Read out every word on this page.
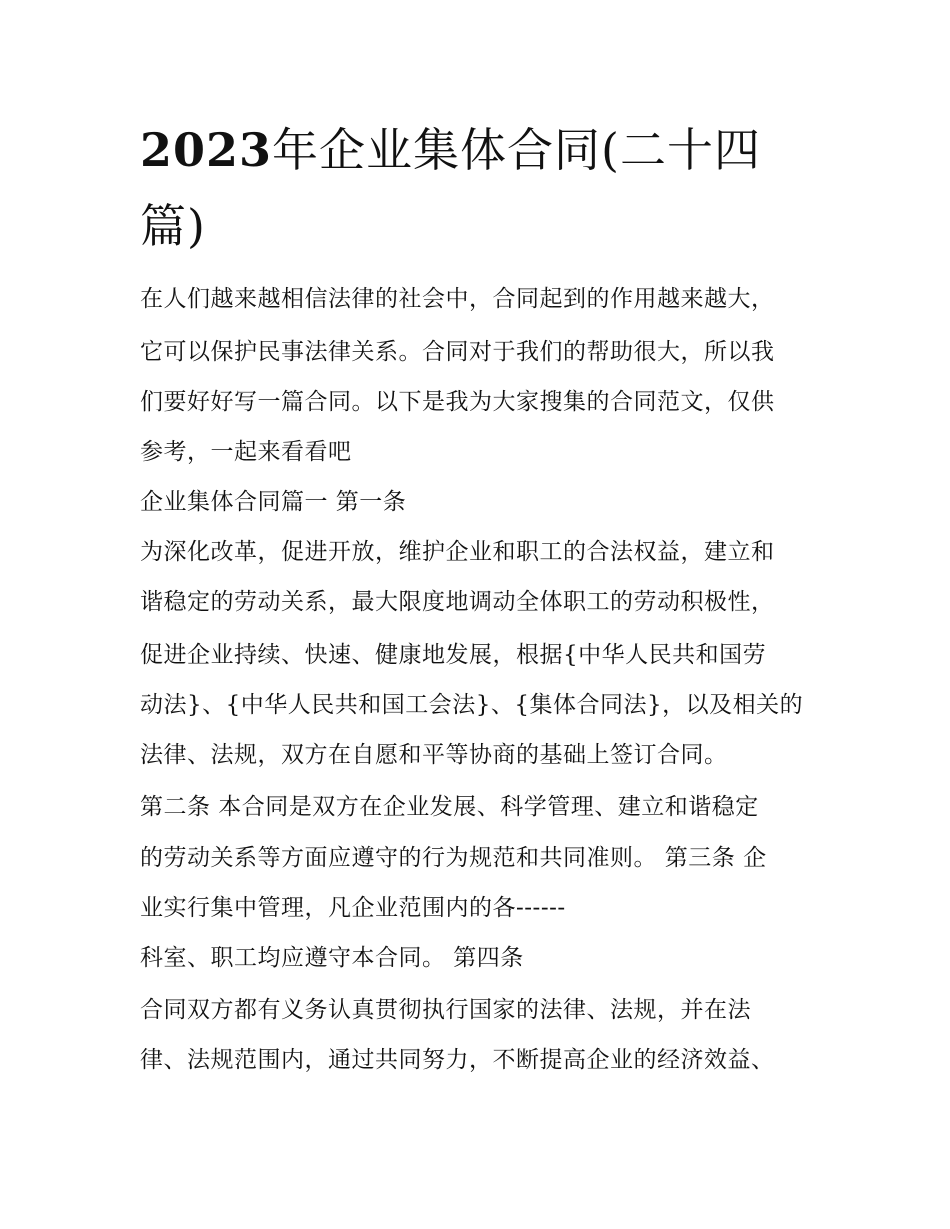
2023年企业集体合同(二十四
篇)

在人们越来越相信法律的社会中，合同起到的作用越来越大，

它可以保护民事法律关系。合同对于我们的帮助很大，所以我

们要好好写一篇合同。以下是我为大家搜集的合同范文，仅供

参考，一起来看看吧

企业集体合同篇一 第一条

为深化改革，促进开放，维护企业和职工的合法权益，建立和

谐稳定的劳动关系，最大限度地调动全体职工的劳动积极性，

促进企业持续、快速、健康地发展，根据{中华人民共和国劳

动法}、{中华人民共和国工会法}、{集体合同法}，以及相关的

法律、法规，双方在自愿和平等协商的基础上签订合同。

第二条 本合同是双方在企业发展、科学管理、建立和谐稳定

的劳动关系等方面应遵守的行为规范和共同准则。 第三条 企

业实行集中管理，凡企业范围内的各------

科室、职工均应遵守本合同。 第四条

合同双方都有义务认真贯彻执行国家的法律、法规，并在法

律、法规范围内，通过共同努力，不断提高企业的经济效益、
